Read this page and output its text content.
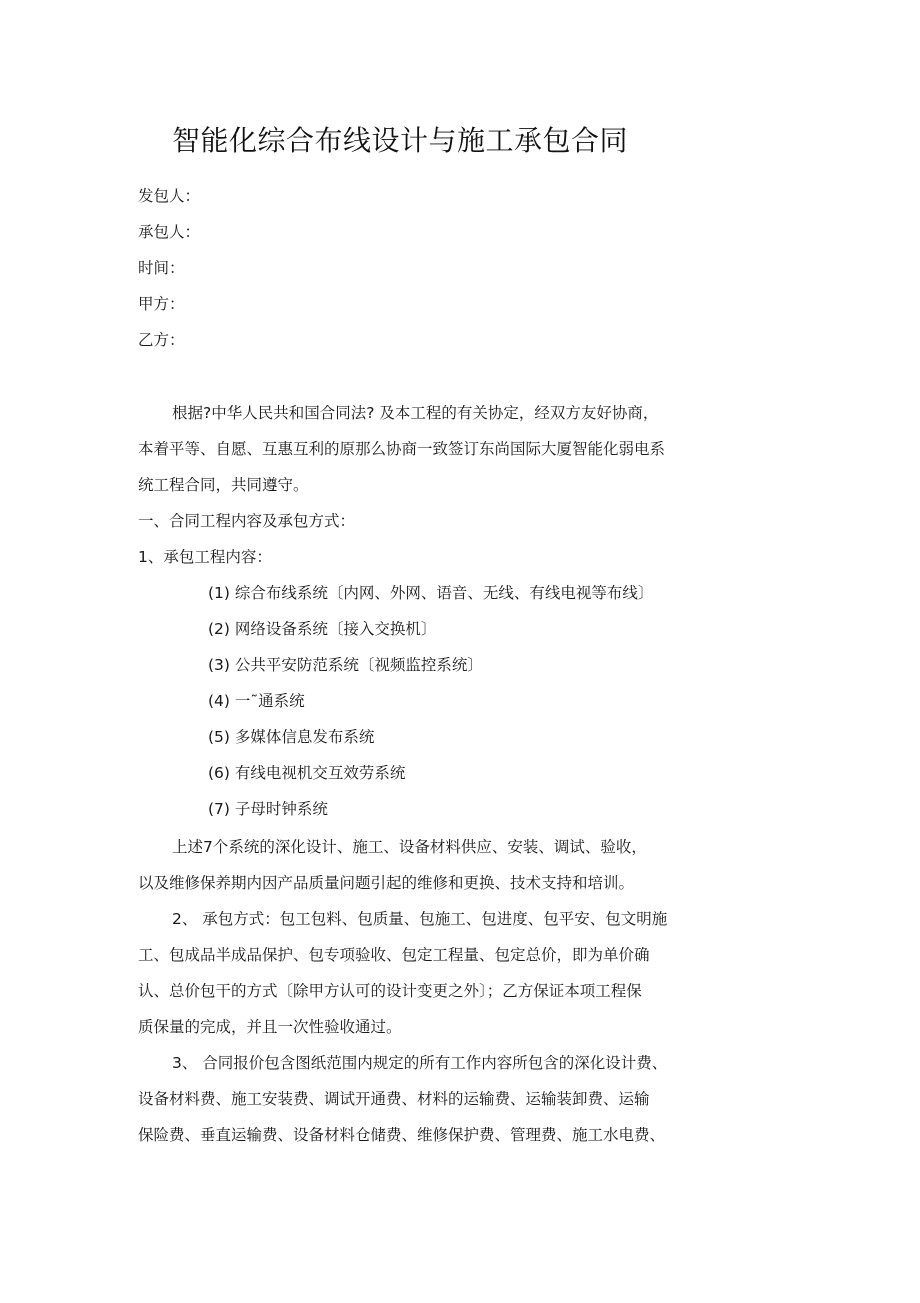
智能化综合布线设计与施工承包合同
发包人：
承包人：
时间：
甲方：
乙方：
根据?中华人民共和国合同法? 及本工程的有关协定，经双方友好协商，
本着平等、自愿、互惠互利的原那么协商一致签订东尚国际大厦智能化弱电系
统工程合同，共同遵守。
一、合同工程内容及承包方式：
1、承包工程内容：
(1) 综合布线系统〔内网、外网、语音、无线、有线电视等布线〕
(2) 网络设备系统〔接入交换机〕
(3) 公共平安防范系统〔视频监控系统〕
(4) 一˜通系统
(5) 多媒体信息发布系统
(6) 有线电视机交互效劳系统
(7) 子母时钟系统
上述7个系统的深化设计、施工、设备材料供应、安装、调试、验收，
以及维修保养期内因产品质量问题引起的维修和更换、技术支持和培训。
2、 承包方式：包工包料、包质量、包施工、包进度、包平安、包文明施
工、包成品半成品保护、包专项验收、包定工程量、包定总价，即为单价确
认、总价包干的方式〔除甲方认可的设计变更之外〕；乙方保证本项工程保
质保量的完成，并且一次性验收通过。
3、 合同报价包含图纸范围内规定的所有工作内容所包含的深化设计费、
设备材料费、施工安装费、调试开通费、材料的运输费、运输装卸费、运输
保险费、垂直运输费、设备材料仓储费、维修保护费、管理费、施工水电费、
